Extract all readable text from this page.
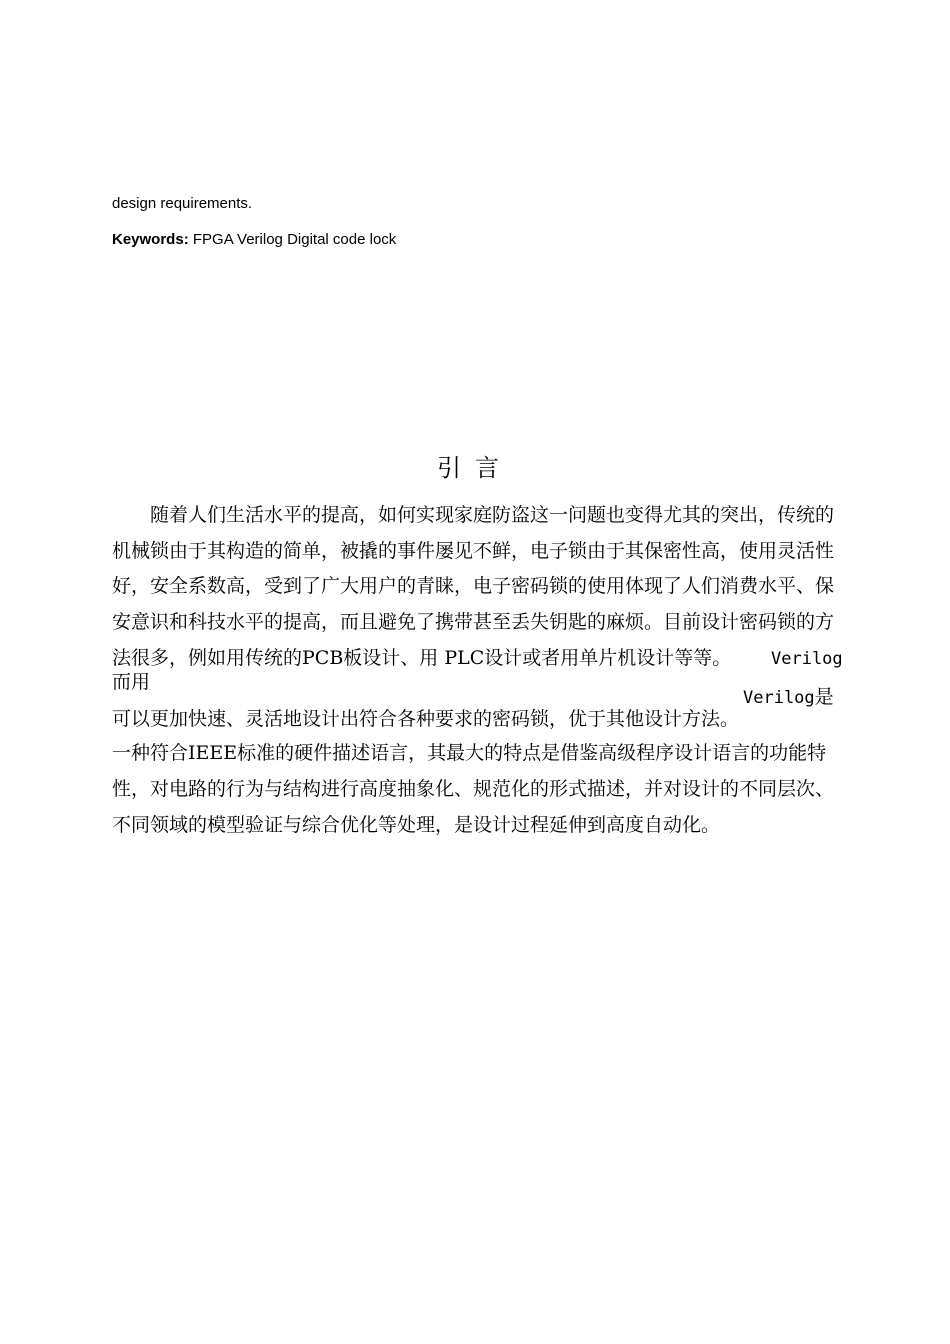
design requirements.
Keywords: FPGA Verilog Digital code lock
引言
随着人们生活水平的提高，如何实现家庭防盗这一问题也变得尤其的突出，传统的
机械锁由于其构造的简单，被撬的事件屡见不鲜，电子锁由于其保密性高，使用灵活性
好，安全系数高，受到了广大用户的青睐，电子密码锁的使用体现了人们消费水平、保
安意识和科技水平的提高，而且避免了携带甚至丢失钥匙的麻烦。目前设计密码锁的方
法很多，例如用传统的PCB板设计、用 PLC设计或者用单片机设计等等。 Verilog
而用
Verilog是
可以更加快速、灵活地设计出符合各种要求的密码锁，优于其他设计方法。
一种符合IEEE标准的硬件描述语言，其最大的特点是借鉴高级程序设计语言的功能特
性，对电路的行为与结构进行高度抽象化、规范化的形式描述，并对设计的不同层次、
不同领域的模型验证与综合优化等处理，是设计过程延伸到高度自动化。
